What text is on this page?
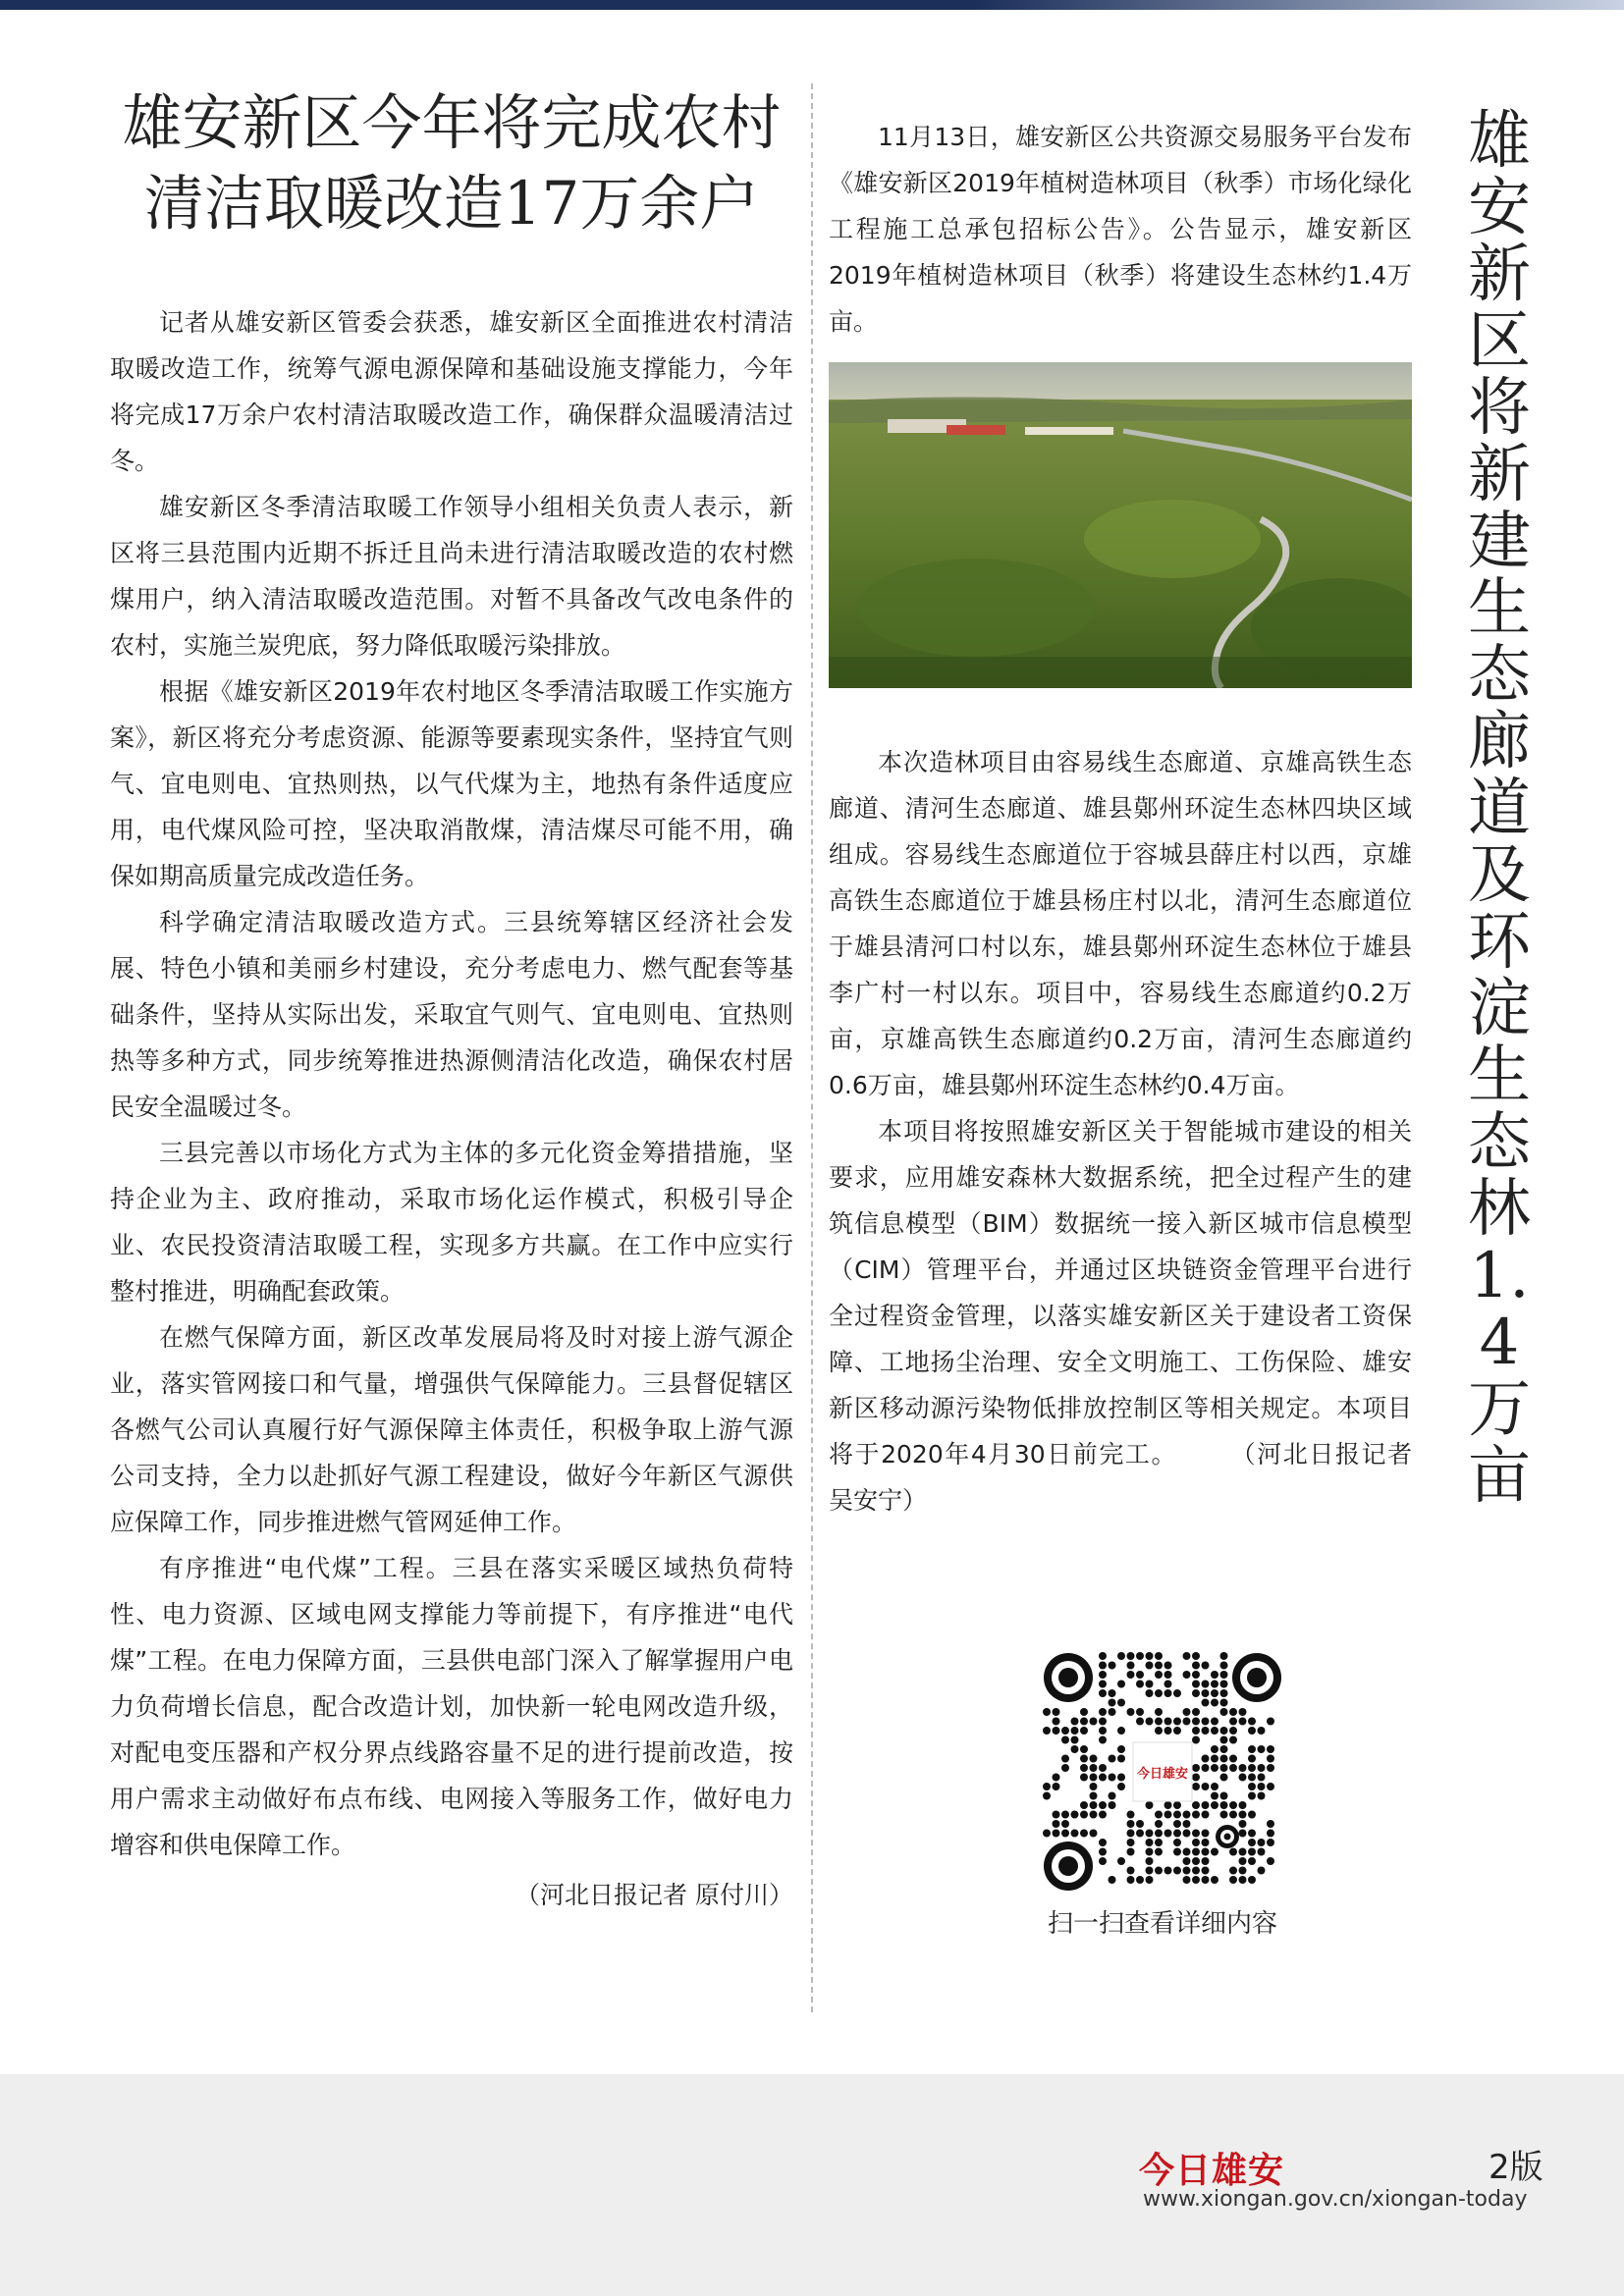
雄安新区今年将完成农村
清洁取暖改造17万余户

记者从雄安新区管委会获悉，雄安新区全面推进农村清洁取暖改造工作，统筹气源电源保障和基础设施支撑能力，今年将完成17万余户农村清洁取暖改造工作，确保群众温暖清洁过冬。

雄安新区冬季清洁取暖工作领导小组相关负责人表示，新区将三县范围内近期不拆迁且尚未进行清洁取暖改造的农村燃煤用户，纳入清洁取暖改造范围。对暂不具备改气改电条件的农村，实施兰炭兜底，努力降低取暖污染排放。

根据《雄安新区2019年农村地区冬季清洁取暖工作实施方案》，新区将充分考虑资源、能源等要素现实条件，坚持宜气则气、宜电则电、宜热则热，以气代煤为主，地热有条件适度应用，电代煤风险可控，坚决取消散煤，清洁煤尽可能不用，确保如期高质量完成改造任务。

科学确定清洁取暖改造方式。三县统筹辖区经济社会发展、特色小镇和美丽乡村建设，充分考虑电力、燃气配套等基础条件，坚持从实际出发，采取宜气则气、宜电则电、宜热则热等多种方式，同步统筹推进热源侧清洁化改造，确保农村居民安全温暖过冬。

三县完善以市场化方式为主体的多元化资金筹措措施，坚持企业为主、政府推动，采取市场化运作模式，积极引导企业、农民投资清洁取暖工程，实现多方共赢。在工作中应实行整村推进，明确配套政策。

在燃气保障方面，新区改革发展局将及时对接上游气源企业，落实管网接口和气量，增强供气保障能力。三县督促辖区各燃气公司认真履行好气源保障主体责任，积极争取上游气源公司支持，全力以赴抓好气源工程建设，做好今年新区气源供应保障工作，同步推进燃气管网延伸工作。

有序推进“电代煤”工程。三县在落实采暖区域热负荷特性、电力资源、区域电网支撑能力等前提下，有序推进“电代煤”工程。在电力保障方面，三县供电部门深入了解掌握用户电力负荷增长信息，配合改造计划，加快新一轮电网改造升级，对配电变压器和产权分界点线路容量不足的进行提前改造，按用户需求主动做好布点布线、电网接入等服务工作，做好电力增容和供电保障工作。

（河北日报记者 原付川）

11月13日，雄安新区公共资源交易服务平台发布《雄安新区2019年植树造林项目（秋季）市场化绿化工程施工总承包招标公告》。公告显示，雄安新区2019年植树造林项目（秋季）将建设生态林约1.4万亩。

本次造林项目由容易线生态廊道、京雄高铁生态廊道、清河生态廊道、雄县鄚州环淀生态林四块区域组成。容易线生态廊道位于容城县薛庄村以西，京雄高铁生态廊道位于雄县杨庄村以北，清河生态廊道位于雄县清河口村以东，雄县鄚州环淀生态林位于雄县李广村一村以东。项目中，容易线生态廊道约0.2万亩，京雄高铁生态廊道约0.2万亩，清河生态廊道约0.6万亩，雄县鄚州环淀生态林约0.4万亩。

本项目将按照雄安新区关于智能城市建设的相关要求，应用雄安森林大数据系统，把全过程产生的建筑信息模型（BIM）数据统一接入新区城市信息模型（CIM）管理平台，并通过区块链资金管理平台进行全过程资金管理，以落实雄安新区关于建设者工资保障、工地扬尘治理、安全文明施工、工伤保险、雄安新区移动源污染物低排放控制区等相关规定。本项目将于2020年4月30日前完工。　　　（河北日报记者 吴安宁）

今日雄安
扫一扫查看详细内容
雄
安
新
区
将
新
建
生
态
廊
道
及
环
淀
生
态
林
1.4
万
亩
今日雄安	2版
www.xiongan.gov.cn/xiongan-today
